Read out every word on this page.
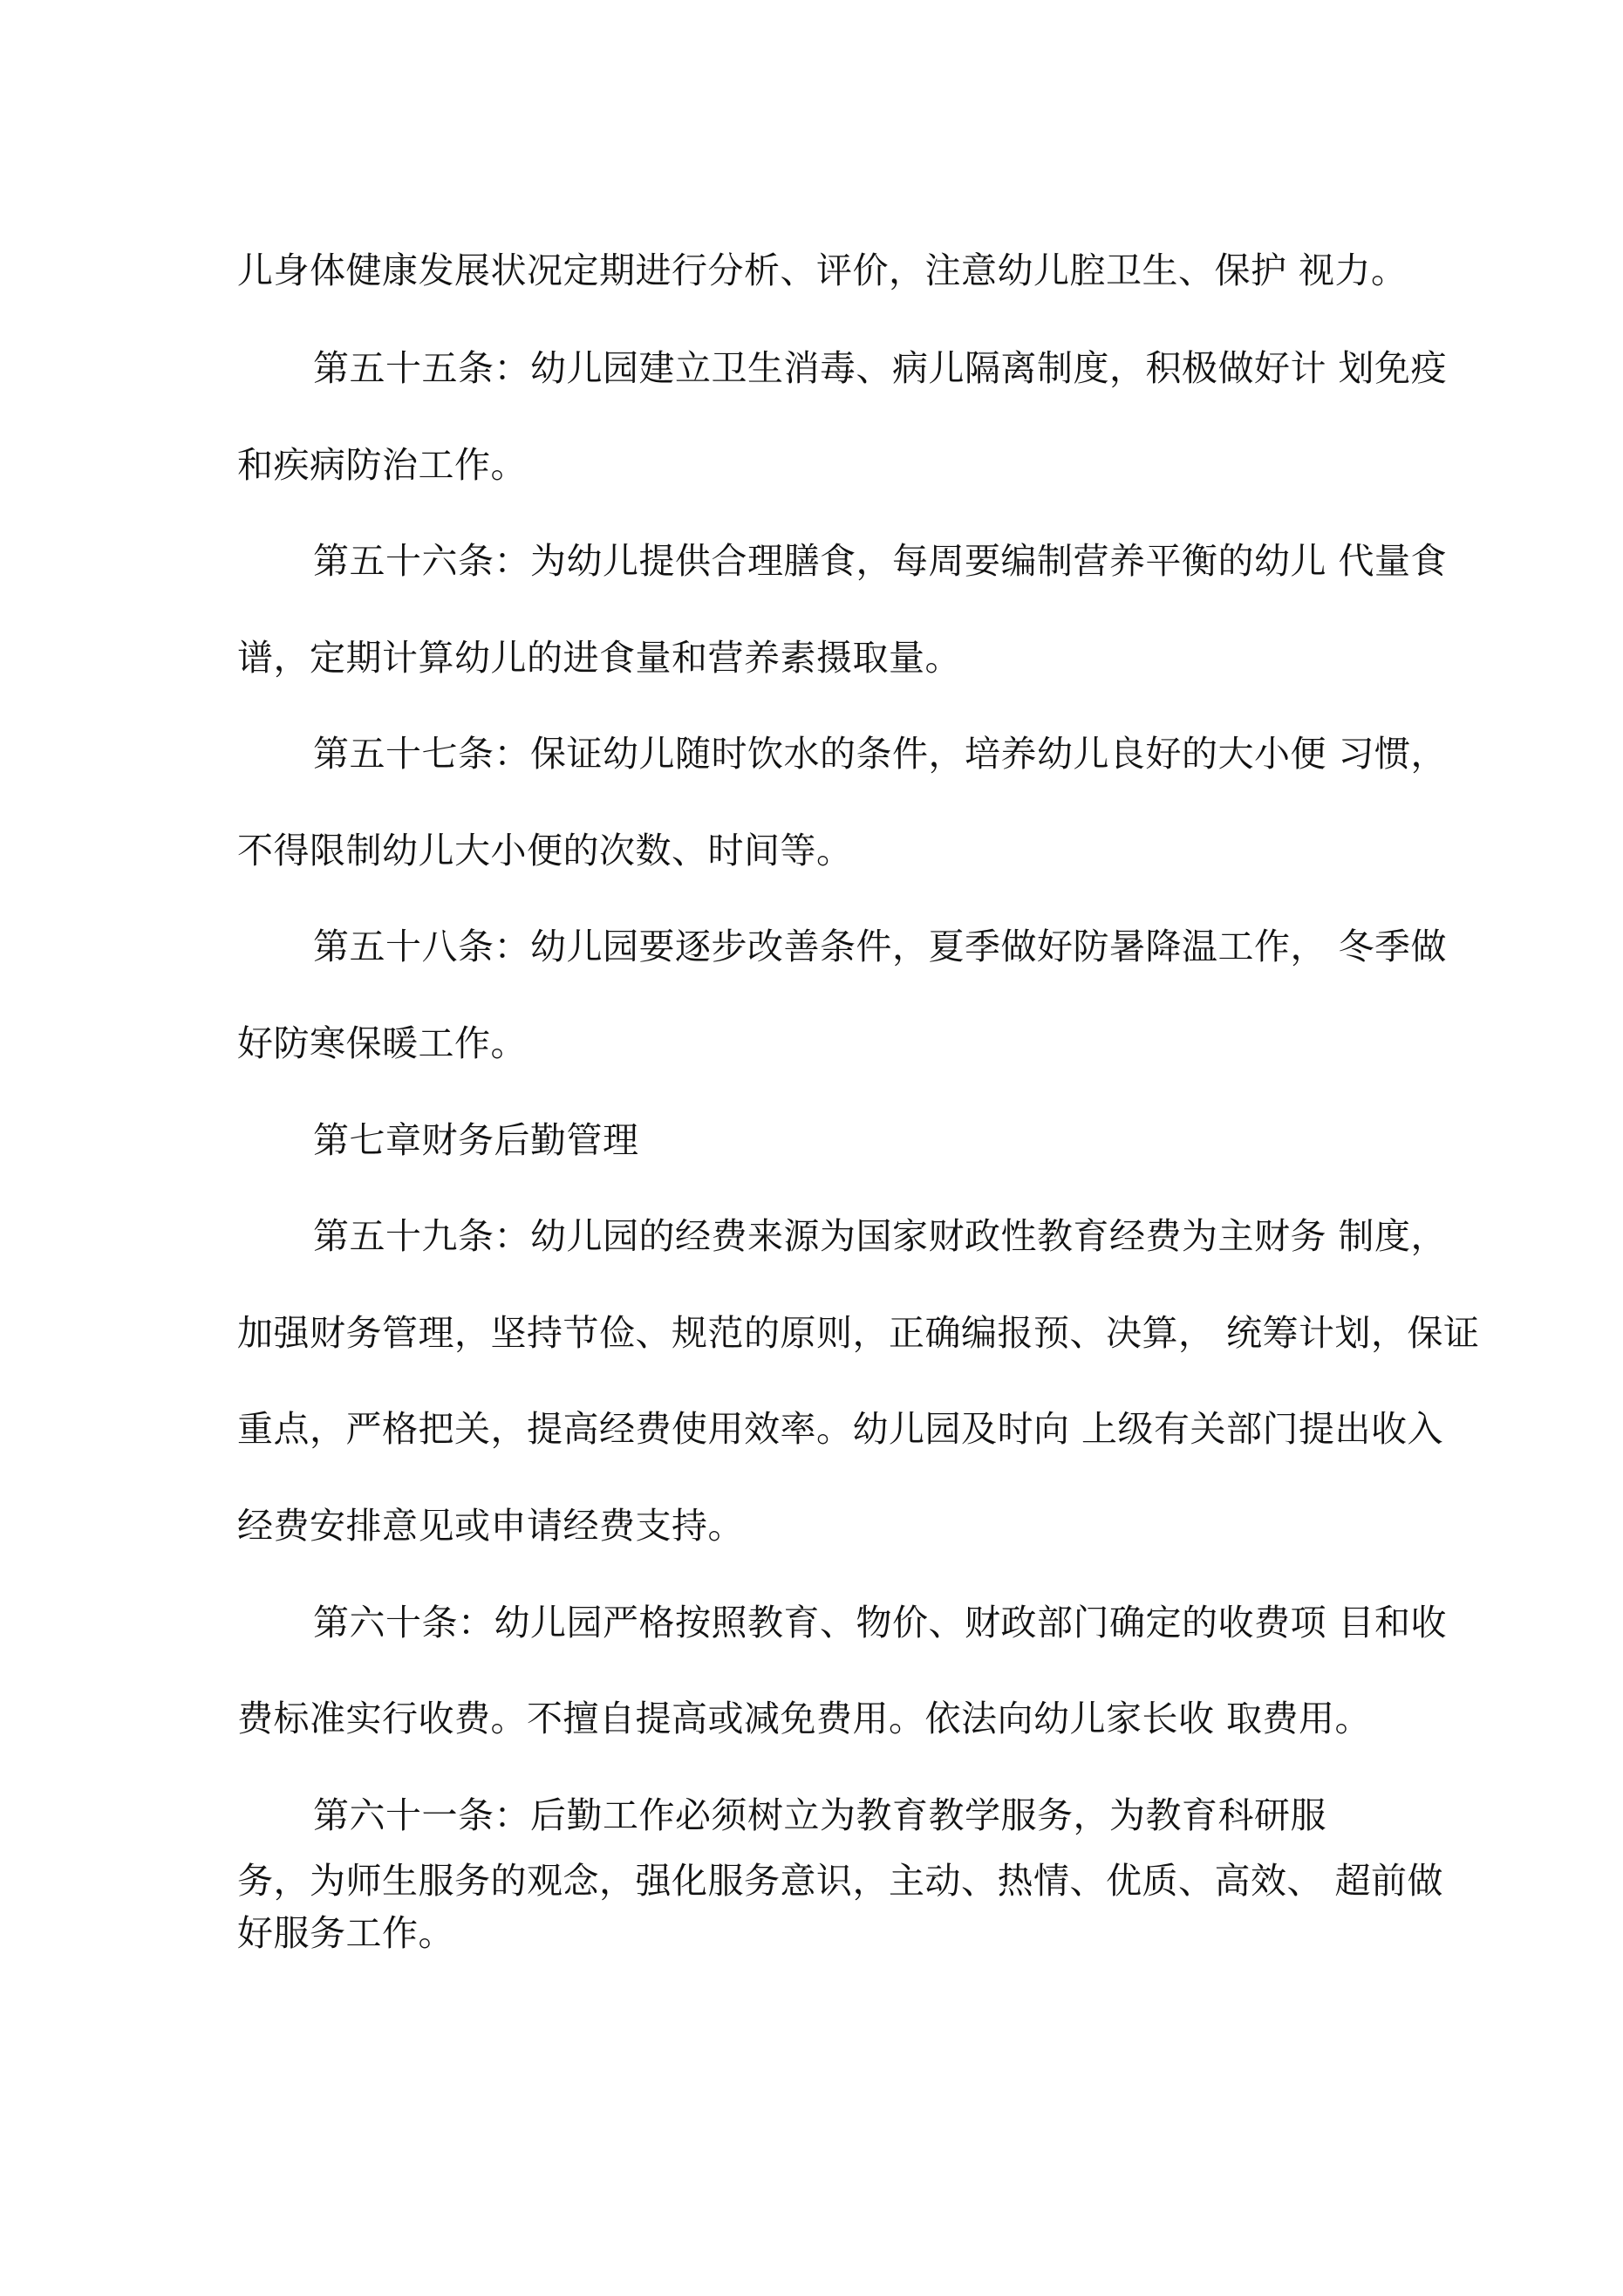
儿身体健康发展状况定期进行分析、评价，注意幼儿腔卫生、保护 视力。
第五十五条：幼儿园建立卫生消毒、病儿隔离制度，积极做好计 划免疫
和疾病防治工作。
第五十六条：为幼儿提供合理膳食，每周要编制营养平衡的幼儿 代量食
谱，定期计算幼儿的进食量和营养素摄取量。
第五十七条：保证幼儿随时饮水的条件，培养幼儿良好的大小便 习惯，
不得限制幼儿大小便的次数、时间等。
第五十八条：幼儿园要逐步改善条件，夏季做好防暑降温工作， 冬季做
好防寒保暖工作。
第七章财务后勤管理
第五十九条：幼儿园的经费来源为国家财政性教育经费为主财务 制度，
加强财务管理，坚持节俭、规范的原则，正确编报预、决算， 统筹计划，保证
重点，严格把关，提高经费使用效率。幼儿园及时向 上级有关部门提出收入
经费安排意见或申请经费支持。
第六十条：幼儿园严格按照教育、物价、财政部门确定的收费项 目和收
费标准实行收费。不擅自提高或减免费用。依法向幼儿家长收 取费用。
第六十一条：后勤工作必须树立为教育教学服务，为教育科研服
务，为师生服务的观念，强化服务意识，主动、热情、优质、高效、 超前做
好服务工作。
